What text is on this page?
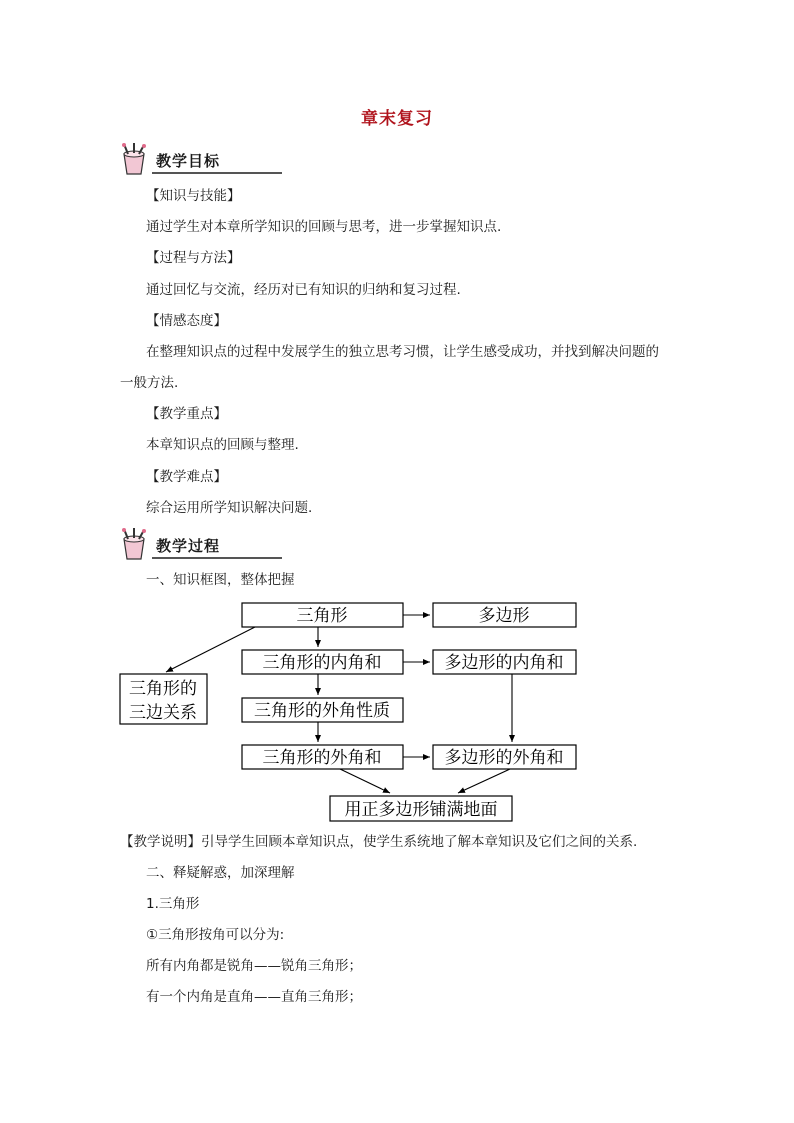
章末复习
教学目标
【知识与技能】
通过学生对本章所学知识的回顾与思考，进一步掌握知识点.
【过程与方法】
通过回忆与交流，经历对已有知识的归纳和复习过程.
【情感态度】
在整理知识点的过程中发展学生的独立思考习惯，让学生感受成功，并找到解决问题的
一般方法.
【教学重点】
本章知识点的回顾与整理.
【教学难点】
综合运用所学知识解决问题.
教学过程
一、知识框图，整体把握
三角形	多边形
三角形的内角和	多边形的内角和
三角形的
三边关系	三角形的外角性质
三角形的外角和	多边形的外角和
用正多边形铺满地面
【教学说明】引导学生回顾本章知识点，使学生系统地了解本章知识及它们之间的关系.
二、释疑解惑，加深理解
1.三角形
①三角形按角可以分为:
所有内角都是锐角——锐角三角形；
有一个内角是直角——直角三角形；
